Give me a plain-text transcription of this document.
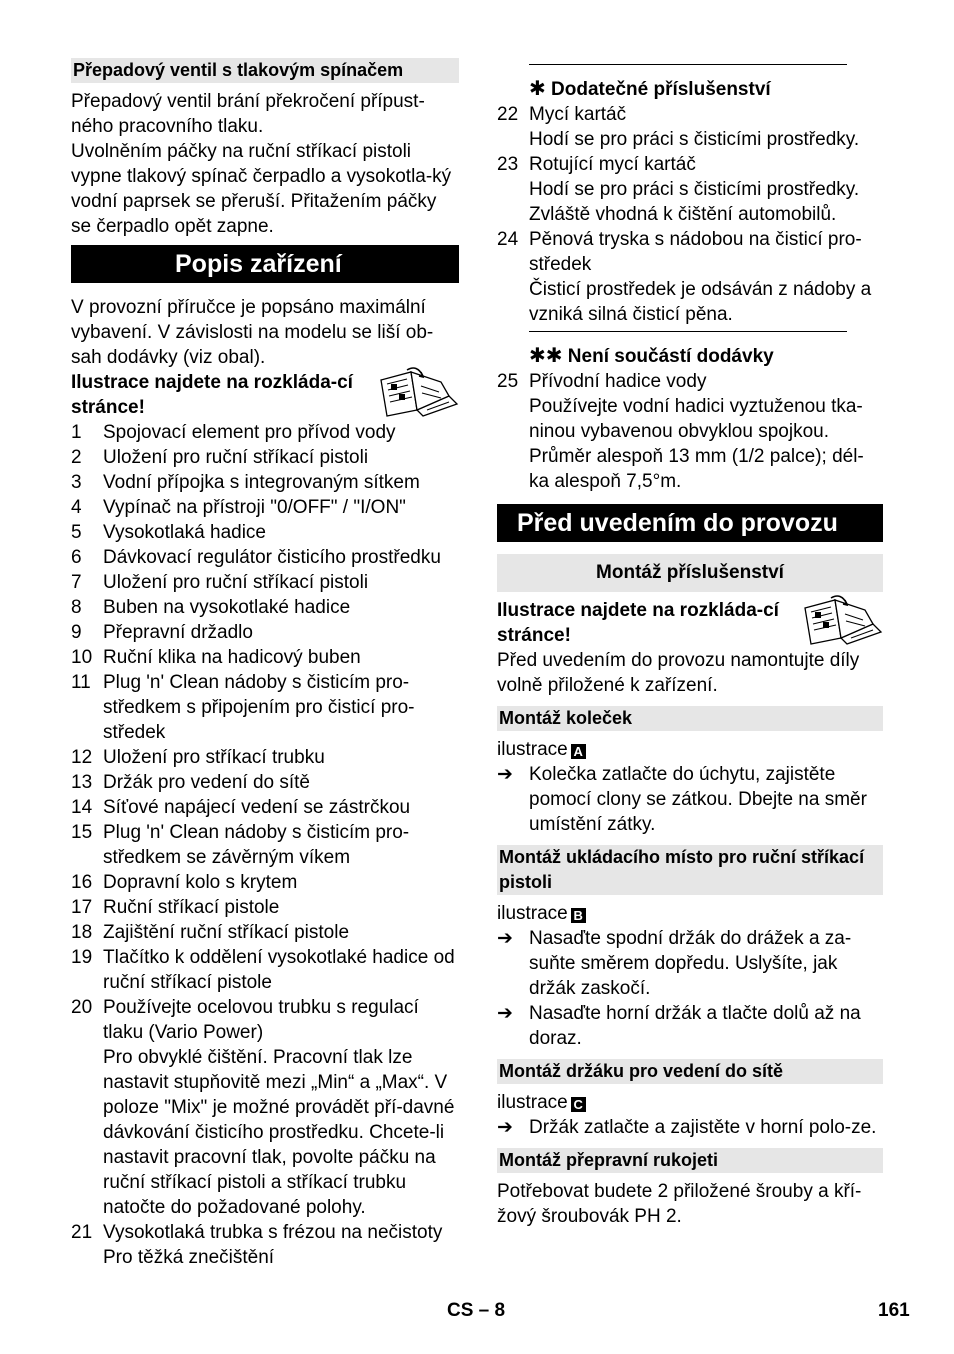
Přepadový ventil s tlakovým spínačem

Přepadový ventil brání překročení přípust-ného pracovního tlaku.

Uvolněním páčky na ruční stříkací pistoli vypne tlakový spínač čerpadlo a vysokotla-ký vodní paprsek se přeruší. Přitažením páčky se čerpadlo opět zapne.

Popis zařízení

V provozní příručce je popsáno maximální vybavení. V závislosti na modelu se liší ob-sah dodávky (viz obal).

Ilustrace najdete na rozkláda-cí stránce!

1	Spojovací element pro přívod vody
2	Uložení pro ruční stříkací pistoli
3	Vodní přípojka s integrovaným sítkem
4	Vypínač na přístroji "0/OFF" / "I/ON"
5	Vysokotlaká hadice
6	Dávkovací regulátor čisticího prostředku
7	Uložení pro ruční stříkací pistoli
8	Buben na vysokotlaké hadice
9	Přepravní držadlo
10 Ruční klika na hadicový buben
11 Plug 'n' Clean nádoby s čisticím pro-středkem s připojením pro čisticí pro-středek
12 Uložení pro stříkací trubku
13 Držák pro vedení do sítě
14 Síťové napájecí vedení se zástrčkou
15 Plug 'n' Clean nádoby s čisticím pro-středkem se závěrným víkem
16 Dopravní kolo s krytem
17 Ruční stříkací pistole
18 Zajištění ruční stříkací pistole
19 Tlačítko k oddělení vysokotlaké hadice od ruční stříkací pistole
20 Používejte ocelovou trubku s regulací tlaku (Vario Power)
Pro obvyklé čištění. Pracovní tlak lze nastavit stupňovitě mezi „Min“ a „Max“. V poloze "Mix" je možné provádět pří-davné dávkování čisticího prostředku. Chcete-li nastavit pracovní tlak, povolte páčku na ruční stříkací pistoli a stříkací trubku natočte do požadované polohy.
21 Vysokotlaká trubka s frézou na nečistoty
Pro těžká znečištění
✱ Dodatečné příslušenství
22 Mycí kartáč
Hodí se pro práci s čisticími prostředky.
23 Rotující mycí kartáč
Hodí se pro práci s čisticími prostředky. Zvláště vhodná k čištění automobilů.
24 Pěnová tryska s nádobou na čisticí pro-středek
Čisticí prostředek je odsáván z nádoby a vzniká silná čisticí pěna.
✱✱ Není součástí dodávky
25 Přívodní hadice vody
Používejte vodní hadici vyztuženou tka-ninou vybavenou obvyklou spojkou. Průměr alespoň 13 mm (1/2 palce); dél-ka alespoň 7,5°m.
Před uvedením do provozu
Montáž příslušenství

Ilustrace najdete na rozkláda-cí stránce!

Před uvedením do provozu namontujte díly volně přiložené k zařízení.

Montáž koleček

ilustrace A

➔ Kolečka zatlačte do úchytu, zajistěte pomocí clony se zátkou. Dbejte na směr umístění zátky.
Montáž ukládacího místo pro ruční stříkací pistoli

ilustrace B

➔ Nasaďte spodní držák do drážek a za-suňte směrem dopředu. Uslyšíte, jak držák zaskočí.
➔ Nasaďte horní držák a tlačte dolů až na doraz.
Montáž držáku pro vedení do sítě

ilustrace C

➔ Držák zatlačte a zajistěte v horní polo-ze.
Montáž přepravní rukojeti

Potřebovat budete 2 přiložené šrouby a kří-žový šroubovák PH 2.

CS – 8	161
